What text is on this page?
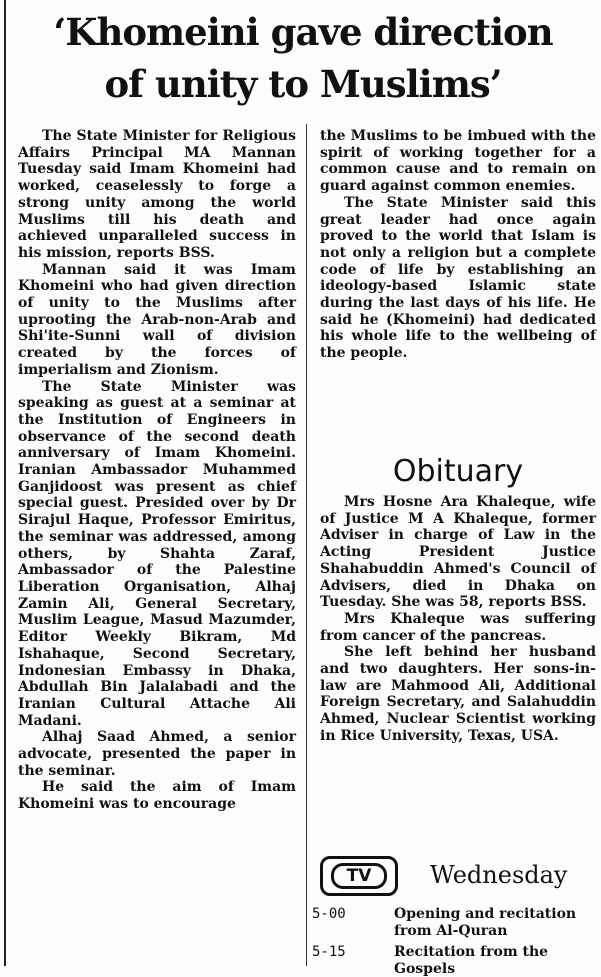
‘Khomeini gave direction
of unity to Muslims’

The State Minister for Religious Affairs Principal MA Mannan Tuesday said Imam Khomeini had worked, ceaselessly to forge a strong unity among the world Muslims till his death and achieved unparalleled success in his mission, reports BSS.

Mannan said it was Imam Khomeini who had given direction of unity to the Muslims after uprooting the Arab-non-Arab and Shi'ite-Sunni wall of division created by the forces of imperialism and Zionism.

The State Minister was speaking as guest at a seminar at the Institution of Engineers in observance of the second death anniversary of Imam Khomeini. Iranian Ambassador Muhammed Ganjidoost was present as chief special guest. Presided over by Dr Sirajul Haque, Professor Emiritus, the seminar was addressed, among others, by Shahta Zaraf, Ambassador of the Palestine Liberation Organisation, Alhaj Zamin Ali, General Secretary, Muslim League, Masud Mazumder, Editor Weekly Bikram, Md Ishahaque, Second Secretary, Indonesian Embassy in Dhaka, Abdullah Bin Jalalabadi and the Iranian Cultural Attache Ali Madani.

Alhaj Saad Ahmed, a senior advocate, presented the paper in the seminar.

He said the aim of Imam Khomeini was to encourage

the Muslims to be imbued with the spirit of working together for a common cause and to remain on guard against common enemies.

The State Minister said this great leader had once again proved to the world that Islam is not only a religion but a complete code of life by establishing an ideology-based Islamic state during the last days of his life. He said he (Khomeini) had dedicated his whole life to the wellbeing of the people.

Obituary

Mrs Hosne Ara Khaleque, wife of Justice M A Khaleque, former Adviser in charge of Law in the Acting President Justice Shahabuddin Ahmed's Council of Advisers, died in Dhaka on Tuesday. She was 58, reports BSS.

Mrs Khaleque was suffering from cancer of the pancreas.

She left behind her husband and two daughters. Her sons-in-law are Mahmood Ali, Additional Foreign Secretary, and Salahuddin Ahmed, Nuclear Scientist working in Rice University, Texas, USA.

TV	Wednesday
5-00	Opening and recitation from Al-Quran
5-15	Recitation from the Gospels
